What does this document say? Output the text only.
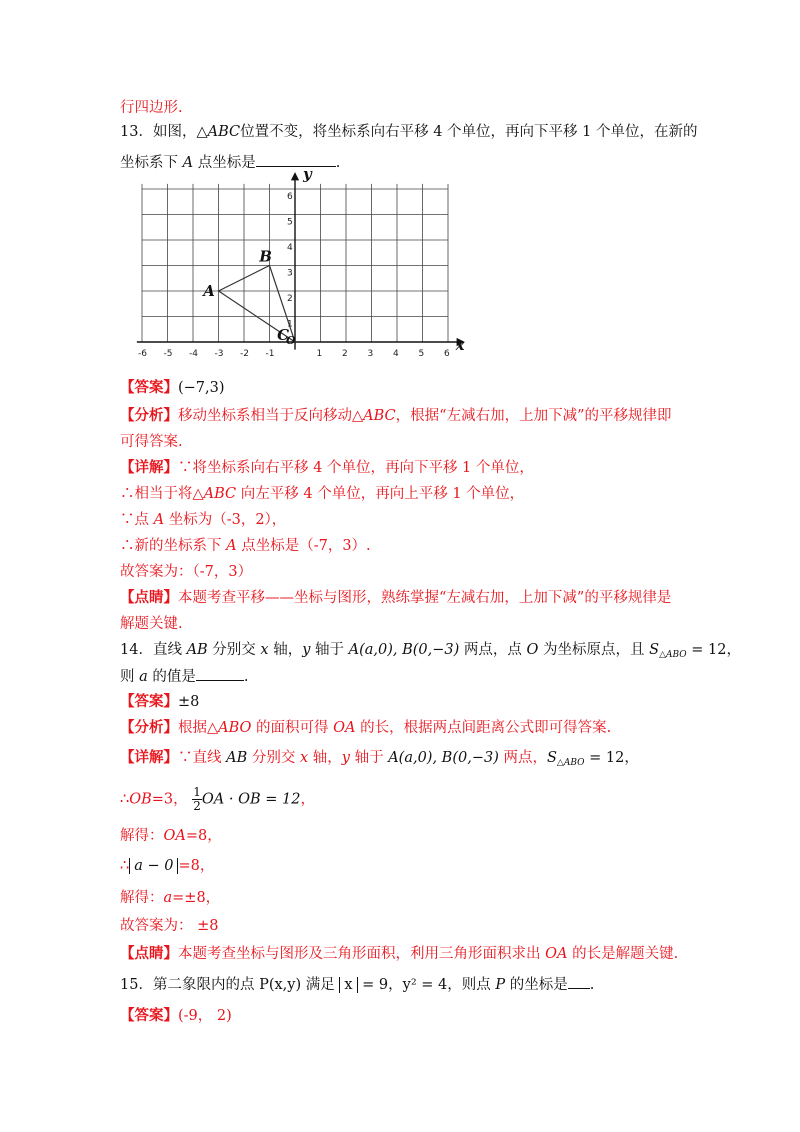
行四边形.
13．如图，△ABC位置不变，将坐标系向右平移 4 个单位，再向下平移 1 个单位，在新的
坐标系下 A 点坐标是	.
-6 -5 -4 -3 -2 -1	1 2 3 4 5 6
1
2
3
4
5
6
A
B
C
O	x
y
【答案】(−7,3)
【分析】移动坐标系相当于反向移动△ABC，根据“左减右加，上加下减”的平移规律即
可得答案.
【详解】∵将坐标系向右平移 4 个单位，再向下平移 1 个单位，
∴相当于将△ABC 向左平移 4 个单位，再向上平移 1 个单位，
∵点 A 坐标为（-3，2），
∴新的坐标系下 A 点坐标是（-7，3）.
故答案为：（-7，3）
【点睛】本题考查平移——坐标与图形，熟练掌握“左减右加，上加下减”的平移规律是
解题关键.
14．直线 AB 分别交 x 轴，y 轴于 A(a,0), B(0,−3) 两点，点 O 为坐标原点，且 $S_{\triangle ABO} = 12$，
则 a 的值是	.
【答案】±8
【分析】根据△ABO 的面积可得 OA 的长，根据两点间距离公式即可得答案.
【详解】∵直线 AB 分别交 x 轴，y 轴于 A(a,0), B(0,−3) 两点，$S_{\triangle ABO} = 12$，
∴OB=3， $\frac{1}{2}$ OA · OB = 12，
解得：OA=8，
∴ a − 0 =8，
解得：a=±8，
故答案为： ±8
【点睛】本题考查坐标与图形及三角形面积，利用三角形面积求出 OA 的长是解题关键.
15．第二象限内的点 P(x,y) 满足 x = 9，y² = 4，则点 P 的坐标是 .
【答案】(-9， 2)
